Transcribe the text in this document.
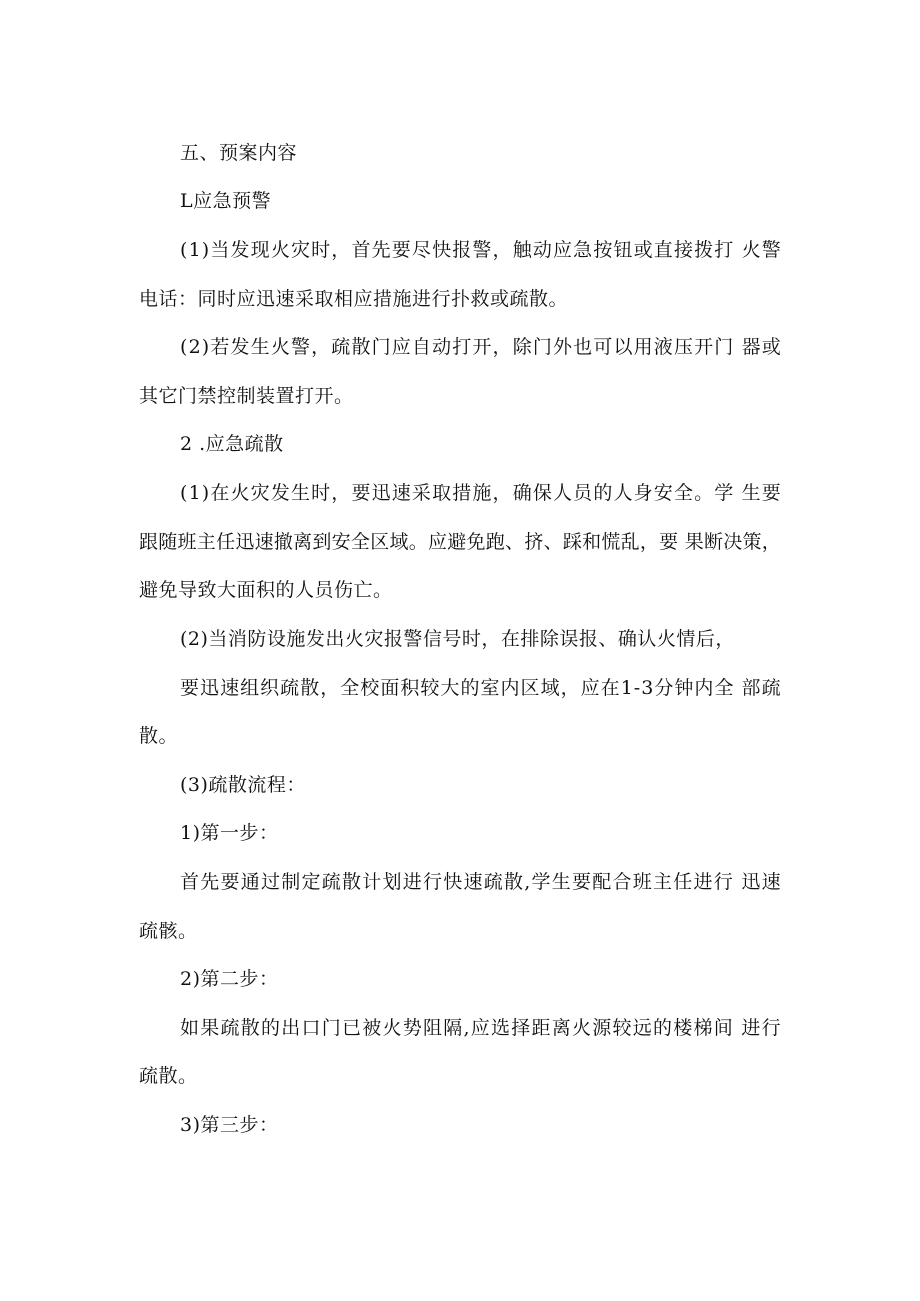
五、预案内容
L应急预警
( 1 ) 当 发 现 火 灾 时 ， 首 先 要 尽 快 报 警 ， 触 动 应 急 按 钮 或 直 接 拨 打
火 警
电话：同时应迅速采取相应措施进行扑救或疏散。
( 2 ) 若 发 生 火 警 ， 疏 散 门 应 自 动 打 开 ， 除 门 外 也 可 以 用 液 压 开 门
器 或
其它门禁控制装置打开。
2 .应急疏散
( 1 ) 在 火 灾 发 生 时 ， 要 迅 速 采 取 措 施 ， 确 保 人 员 的 人 身 安 全 。 学
生 要
跟 随 班 主 任 迅 速 撤 离 到 安 全 区 域 。 应 避 免 跑 、 挤 、 踩 和 慌 乱 ， 要
果 断 决 策 ，
避免导致大面积的人员伤亡。
(2)当消防设施发出火灾报警信号时，在排除误报、确认火情后，
要 迅 速 组 织 疏 散 ， 全 校 面 积 较 大 的 室 内 区 域 ， 应 在 1 - 3 分 钟 内 全
部 疏
散。
(3)疏散流程：
1)第一步：
首 先 要 通 过 制 定 疏 散 计 划 进 行 快 速 疏 散 , 学 生 要 配 合 班 主 任 进 行
迅 速
疏骸。
2)第二步：
如 果 疏 散 的 出 口 门 已 被 火 势 阻 隔 , 应 选 择 距 离 火 源 较 远 的 楼 梯 间
进 行
疏散。
3)第三步：
